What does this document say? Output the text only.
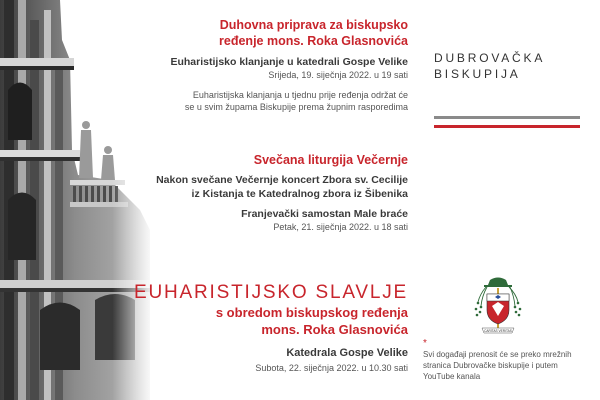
Duhovna priprava za biskupsko
ređenje mons. Roka Glasnovića
Euharistijsko klanjanje u katedrali Gospe Velike
Srijeda, 19. siječnja 2022. u 19 sati
Euharistijska klanjanja u tjednu prije ređenja održat će
se u svim župama Biskupije prema župnim rasporedima
Svečana liturgija Večernje
Nakon svečane Večernje koncert Zbora sv. Cecilije
iz Kistanja te Katedralnog zbora iz Šibenika
Franjevački samostan Male braće
Petak, 21. siječnja 2022. u 18 sati
EUHARISTIJSKO SLAVLJE
s obredom biskupskog ređenja
mons. Roka Glasnovića
Katedrala Gospe Velike
Subota, 22. siječnja 2022. u 10.30 sati
DUBROVAČKA
BISKUPIJA
CARITAS VERITAS
*
Svi događaji prenosit će se preko mrežnih
stranica Dubrovačke biskupije i putem
YouTube kanala
